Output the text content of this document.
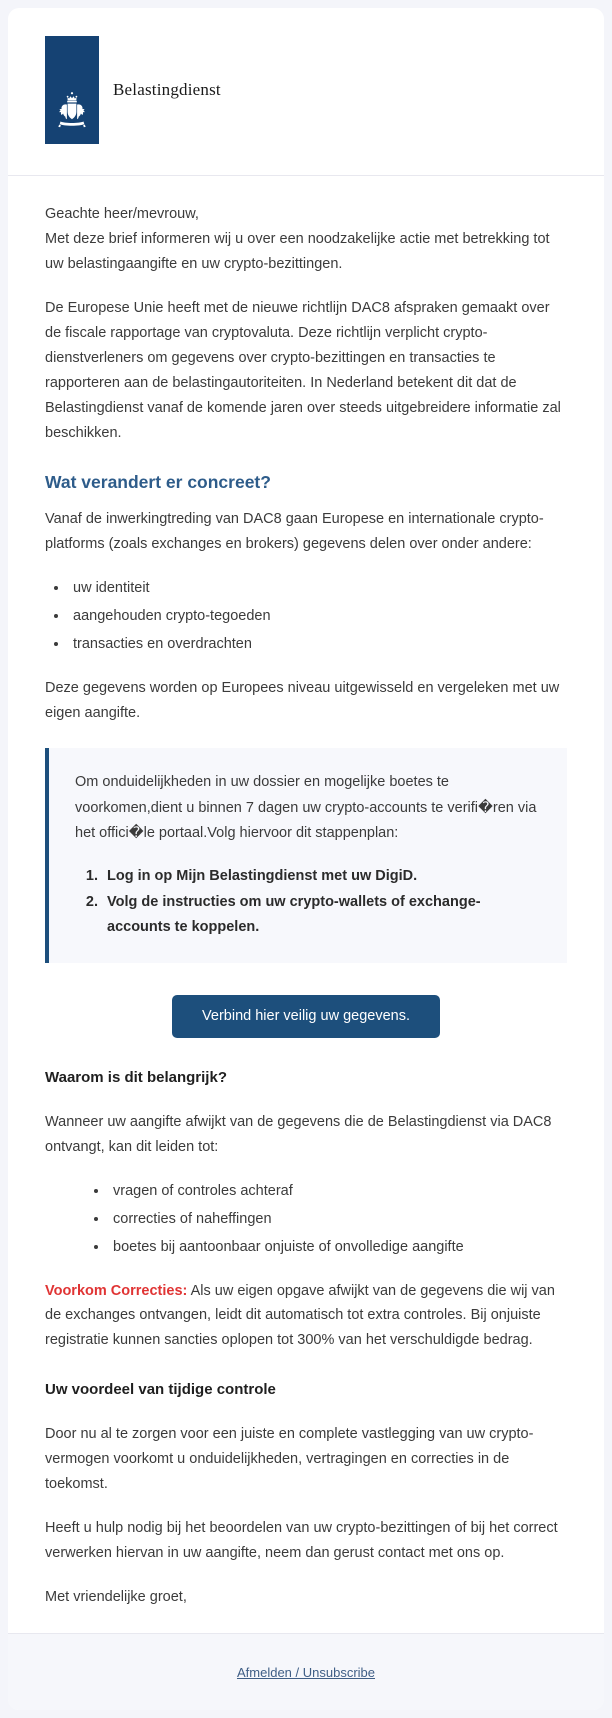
Belastingdienst

Geachte heer/mevrouw,
Met deze brief informeren wij u over een noodzakelijke actie met betrekking tot uw belastingaangifte en uw crypto-bezittingen.

De Europese Unie heeft met de nieuwe richtlijn DAC8 afspraken gemaakt over de fiscale rapportage van cryptovaluta. Deze richtlijn verplicht crypto-dienstverleners om gegevens over crypto-bezittingen en transacties te rapporteren aan de belastingautoriteiten. In Nederland betekent dit dat de Belastingdienst vanaf de komende jaren over steeds uitgebreidere informatie zal beschikken.

Wat verandert er concreet?

Vanaf de inwerkingtreding van DAC8 gaan Europese en internationale crypto-platforms (zoals exchanges en brokers) gegevens delen over onder andere:

• uw identiteit
• aangehouden crypto-tegoeden
• transacties en overdrachten

Deze gegevens worden op Europees niveau uitgewisseld en vergeleken met uw eigen aangifte.

Om onduidelijkheden in uw dossier en mogelijke boetes te voorkomen,dient u binnen 7 dagen uw crypto-accounts te verifi�ren via het offici�le portaal.Volg hiervoor dit stappenplan:

1. Log in op Mijn Belastingdienst met uw DigiD.
2. Volg de instructies om uw crypto-wallets of exchange-accounts te koppelen.
Verbind hier veilig uw gegevens.
Waarom is dit belangrijk?

Wanneer uw aangifte afwijkt van de gegevens die de Belastingdienst via DAC8 ontvangt, kan dit leiden tot:

• vragen of controles achteraf
• correcties of naheffingen
• boetes bij aantoonbaar onjuiste of onvolledige aangifte

Voorkom Correcties: Als uw eigen opgave afwijkt van de gegevens die wij van de exchanges ontvangen, leidt dit automatisch tot extra controles. Bij onjuiste registratie kunnen sancties oplopen tot 300% van het verschuldigde bedrag.

Uw voordeel van tijdige controle

Door nu al te zorgen voor een juiste en complete vastlegging van uw crypto-vermogen voorkomt u onduidelijkheden, vertragingen en correcties in de toekomst.

Heeft u hulp nodig bij het beoordelen van uw crypto-bezittingen of bij het correct verwerken hiervan in uw aangifte, neem dan gerust contact met ons op.

Met vriendelijke groet,

Afmelden / Unsubscribe
